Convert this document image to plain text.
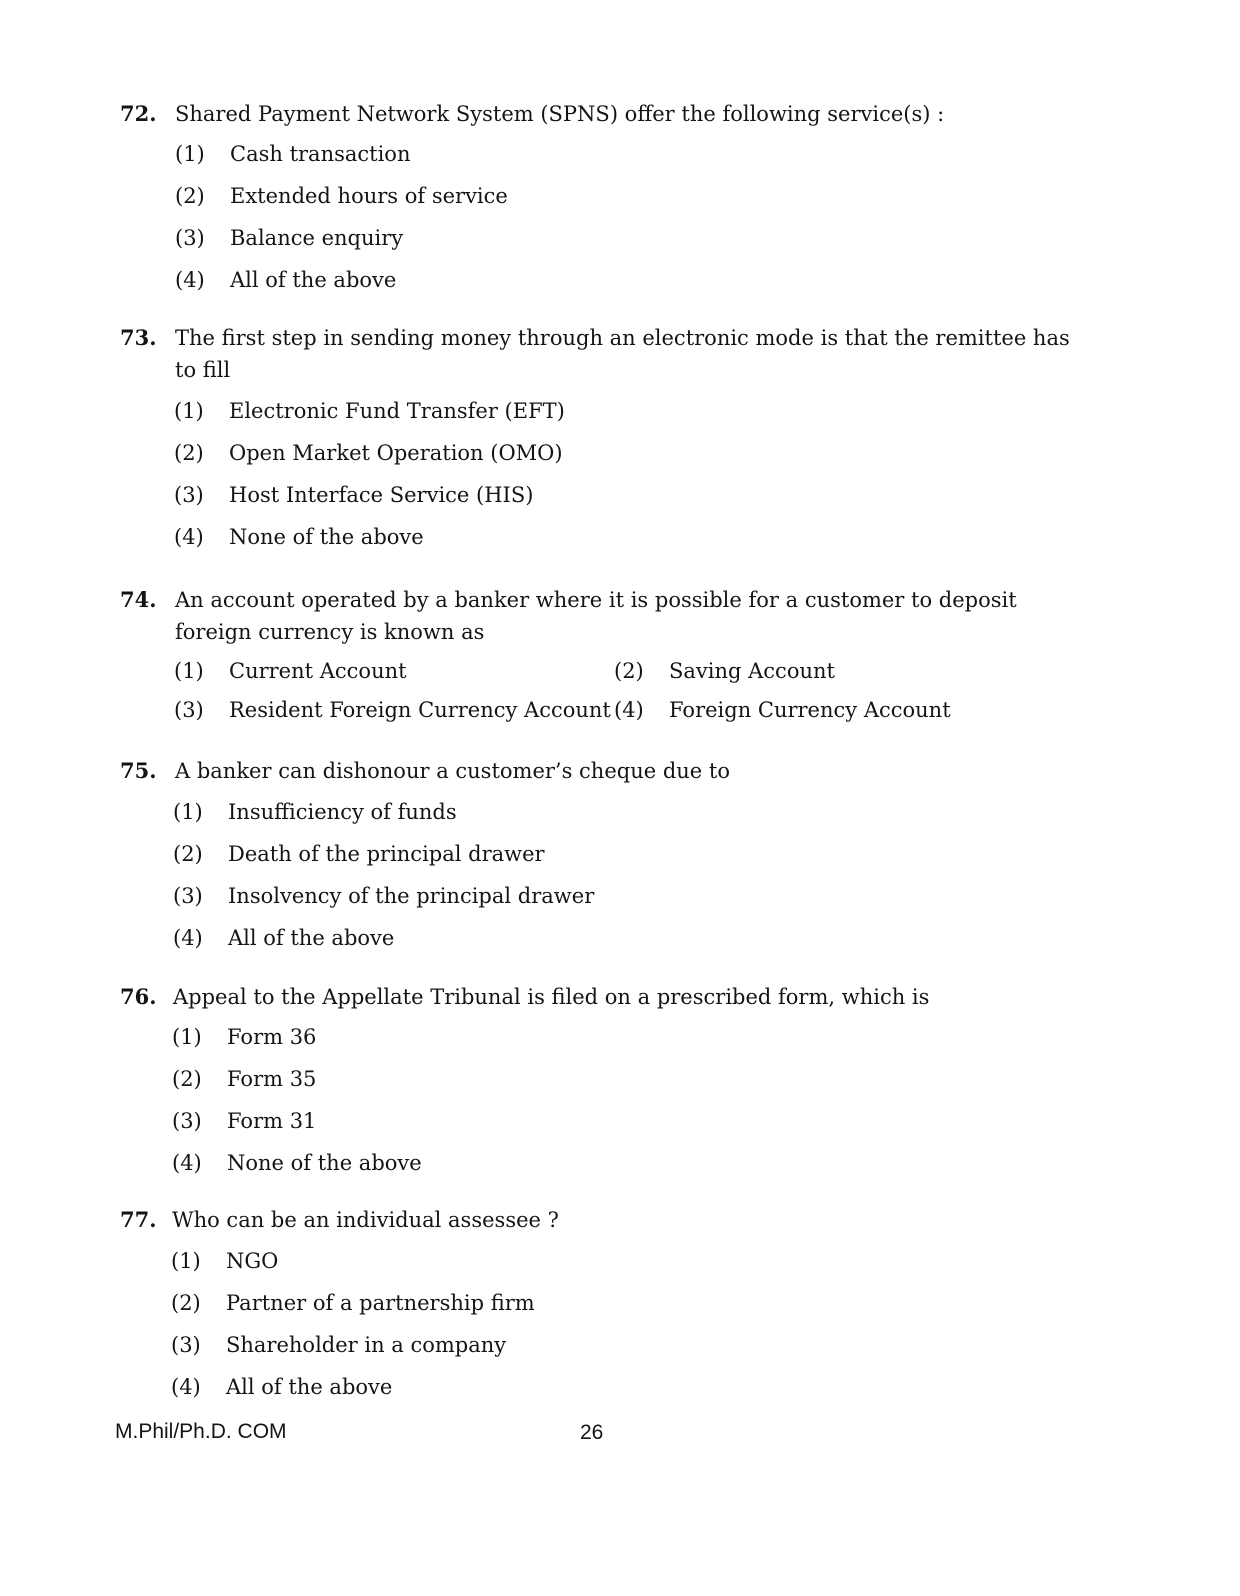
72. Shared Payment Network System (SPNS) offer the following service(s) :
(1) Cash transaction
(2) Extended hours of service
(3) Balance enquiry
(4) All of the above
73. The first step in sending money through an electronic mode is that the remittee has to fill
(1) Electronic Fund Transfer (EFT)
(2) Open Market Operation (OMO)
(3) Host Interface Service (HIS)
(4) None of the above
74. An account operated by a banker where it is possible for a customer to deposit foreign currency is known as
(1) Current Account	(2) Saving Account
(3) Resident Foreign Currency Account (4) Foreign Currency Account
75. A banker can dishonour a customer’s cheque due to
(1) Insufficiency of funds
(2) Death of the principal drawer
(3) Insolvency of the principal drawer
(4) All of the above
76. Appeal to the Appellate Tribunal is filed on a prescribed form, which is
(1) Form 36
(2) Form 35
(3) Form 31
(4) None of the above
77. Who can be an individual assessee ?
(1) NGO
(2) Partner of a partnership firm
(3) Shareholder in a company
(4) All of the above
M.Phil/Ph.D. COM	26
